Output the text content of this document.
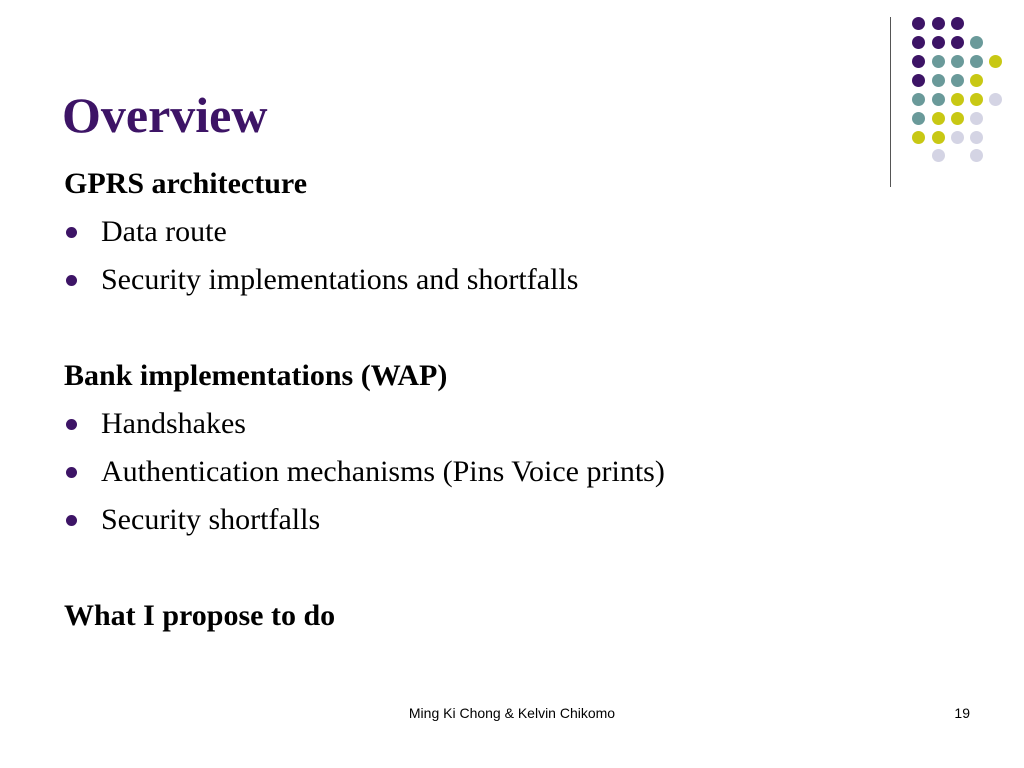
Overview
GPRS architecture
Data route
Security implementations and shortfalls
Bank implementations (WAP)
Handshakes
Authentication mechanisms (Pins Voice prints)
Security shortfalls
What I propose to do
Ming Ki Chong & Kelvin Chikomo	19
